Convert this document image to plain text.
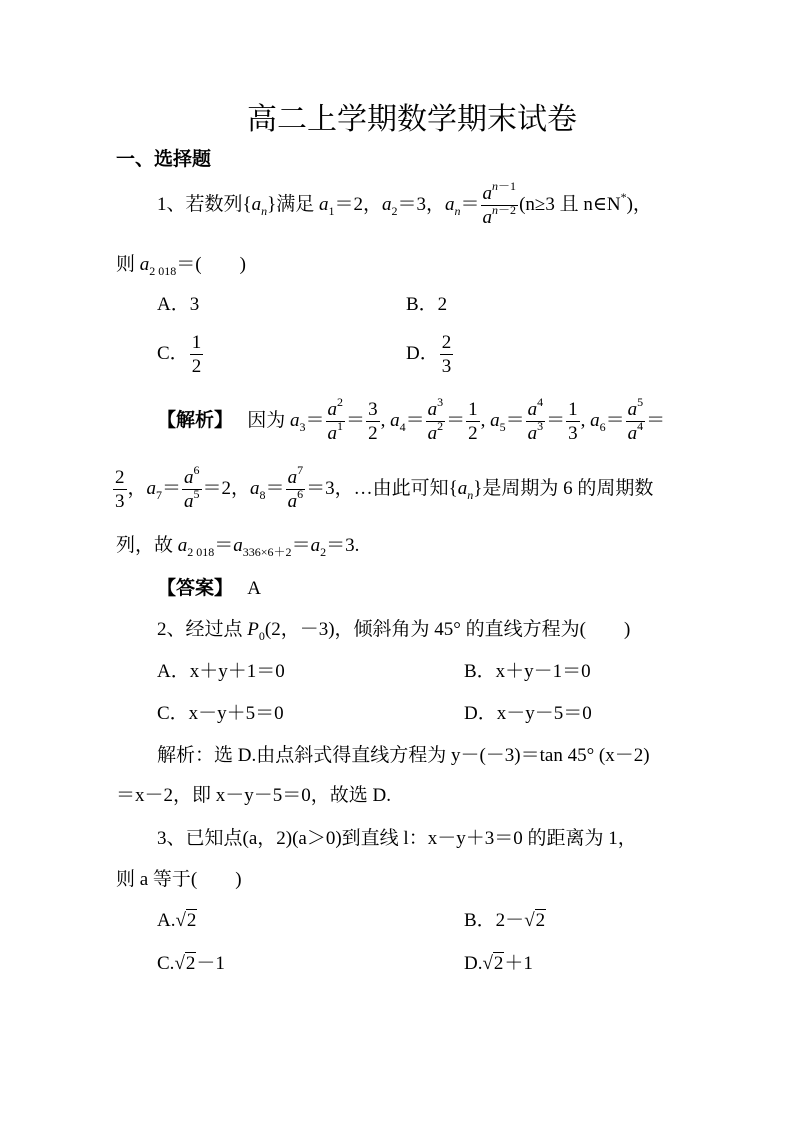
高二上学期数学期末试卷
一、选择题
1、若数列$\{a_n\}$满足 $a_1=2$，$a_2=3$，$a_n= \frac{a^{n-1}}{a^{n-2}} (n\ge 3$ 且 n∈N*)，
则 $a_{2 018}=$(　　)
A．3	B．2
C． $\frac{1}{2}$	D． $\frac{2}{3}$
【解析】 因为 $a_3= \frac{a^2}{a^1} = \frac{3}{2}$ , $a_4= \frac{a^3}{a^2} = \frac{1}{2}$ , $a_5= \frac{a^4}{a^3} = \frac{1}{3}$ , $a_6= \frac{a^5}{a^4}$ ＝
$\frac{2}{3}$ ，$a_7= \frac{a^6}{a^5} =2$，$a_8= \frac{a^7}{a^6} =3$，…由此可知$\{a_n\}$是周期为 6 的周期数
列，故 $a_{2 018}=a_{336\times 6+2}=a_2=3$.
【答案】 A
2、经过点 $P_0(2$，－3)，倾斜角为 45° 的直线方程为(　　)
A．x＋y＋1＝0	B．x＋y－1＝0
C．x－y＋5＝0	D．x－y－5＝0
解析：选 D.由点斜式得直线方程为 y－(－3)＝tan 45° (x－2)
＝x－2，即 x－y－5＝0，故选 D.
3、已知点(a，2)(a＞0)到直线 l：x－y＋3＝0 的距离为 1，
则 a 等于(　　)
A.√2	B．2－√2
C.√2－1	D.√2＋1
